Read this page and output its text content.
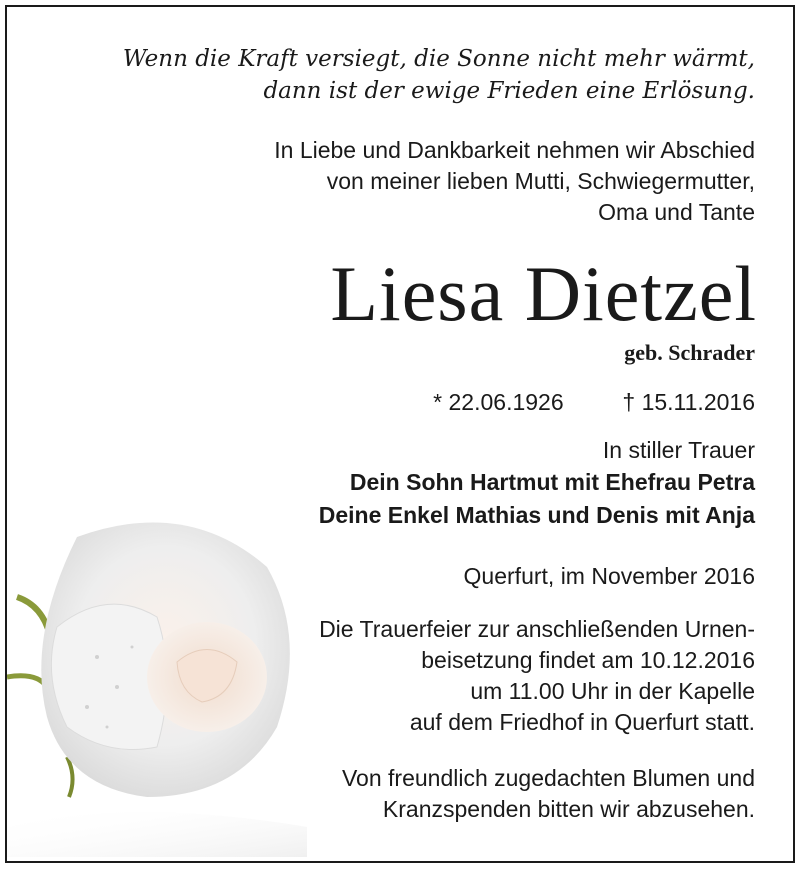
Wenn die Kraft versiegt, die Sonne nicht mehr wärmt,
dann ist der ewige Frieden eine Erlösung.
In Liebe und Dankbarkeit nehmen wir Abschied
von meiner lieben Mutti, Schwiegermutter,
Oma und Tante
Liesa Dietzel
geb. Schrader
* 22.06.1926	† 15.11.2016
In stiller Trauer
Dein Sohn Hartmut mit Ehefrau Petra
Deine Enkel Mathias und Denis mit Anja
Querfurt, im November 2016
Die Trauerfeier zur anschließenden Urnen-
beisetzung findet am 10.12.2016
um 11.00 Uhr in der Kapelle
auf dem Friedhof in Querfurt statt.
Von freundlich zugedachten Blumen und
Kranzspenden bitten wir abzusehen.
